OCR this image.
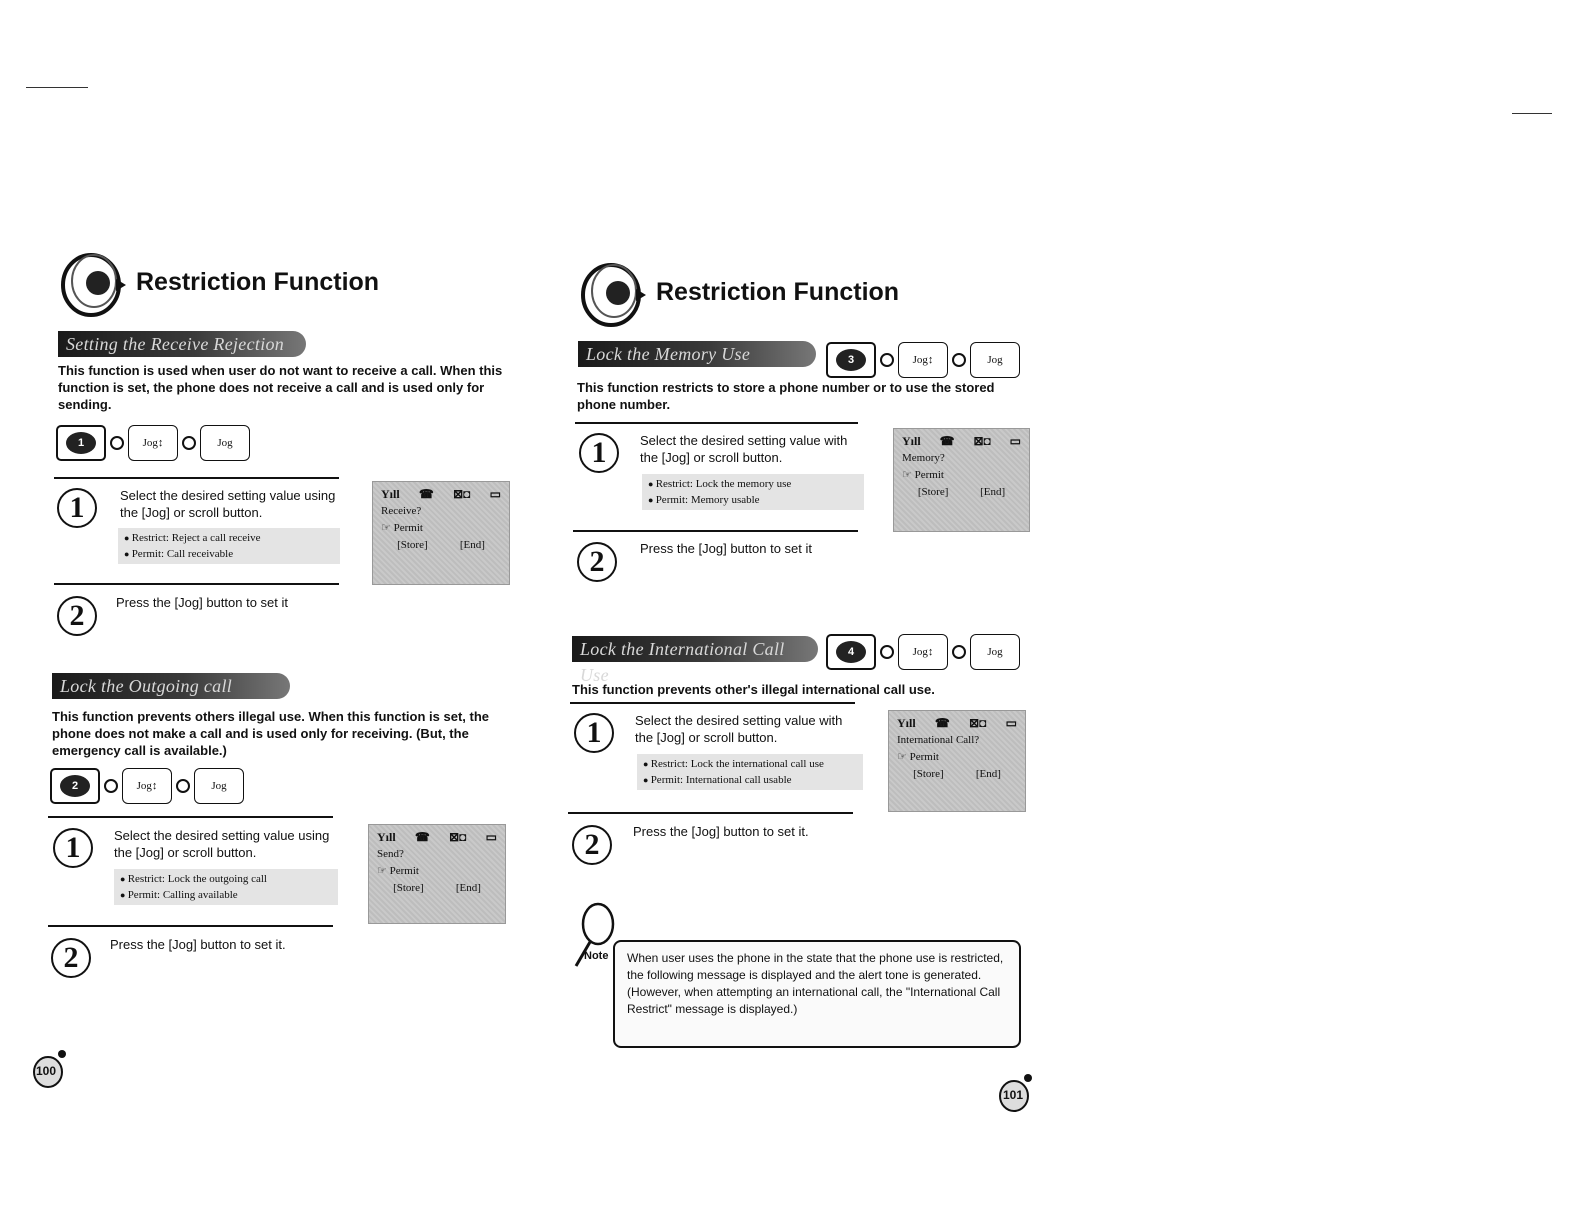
Restriction Function
Setting the Receive Rejection
This function is used when user do not want to receive a call. When this function is set, the phone does not receive a call and is used only for sending.
1	Jog↕	Jog
1	Select the desired setting value using the [Jog] or scroll button.
● Restrict: Reject a call receive
● Permit: Call receivable
Yıll ☎ ⊠◘ ▭
Receive?
☞ Permit
[Store]	[End]
2	Press the [Jog] button to set it
Lock the Outgoing call
This function prevents others illegal use. When this function is set, the phone does not make a call and is used only for receiving. (But, the emergency call is available.)
2	Jog↕	Jog
1	Select the desired setting value using the [Jog] or scroll button.
● Restrict: Lock the outgoing call
● Permit: Calling available
Yıll ☎ ⊠◘ ▭
Send?
☞ Permit
[Store]	[End]
2	Press the [Jog] button to set it.
100
Restriction Function
Lock the Memory Use	3	Jog↕	Jog
This function restricts to store a phone number or to use the stored phone number.
1	Select the desired setting value with the [Jog] or scroll button.
● Restrict: Lock the memory use
● Permit: Memory usable
Yıll ☎ ⊠◘ ▭
Memory?
☞ Permit
[Store]	[End]
2	Press the [Jog] button to set it
Lock the International Call Use
4	Jog↕	Jog
This function prevents other's illegal international call use.
1	Select the desired setting value with the [Jog] or scroll button.
● Restrict: Lock the international call use
● Permit: International call usable
Yıll ☎ ⊠◘ ▭
International Call?
☞ Permit
[Store]	[End]
2	Press the [Jog] button to set it.
Note	When user uses the phone in the state that the phone use is restricted, the following message is displayed and the alert tone is generated. (However, when attempting an international call, the "International Call Restrict" message is displayed.)
101
